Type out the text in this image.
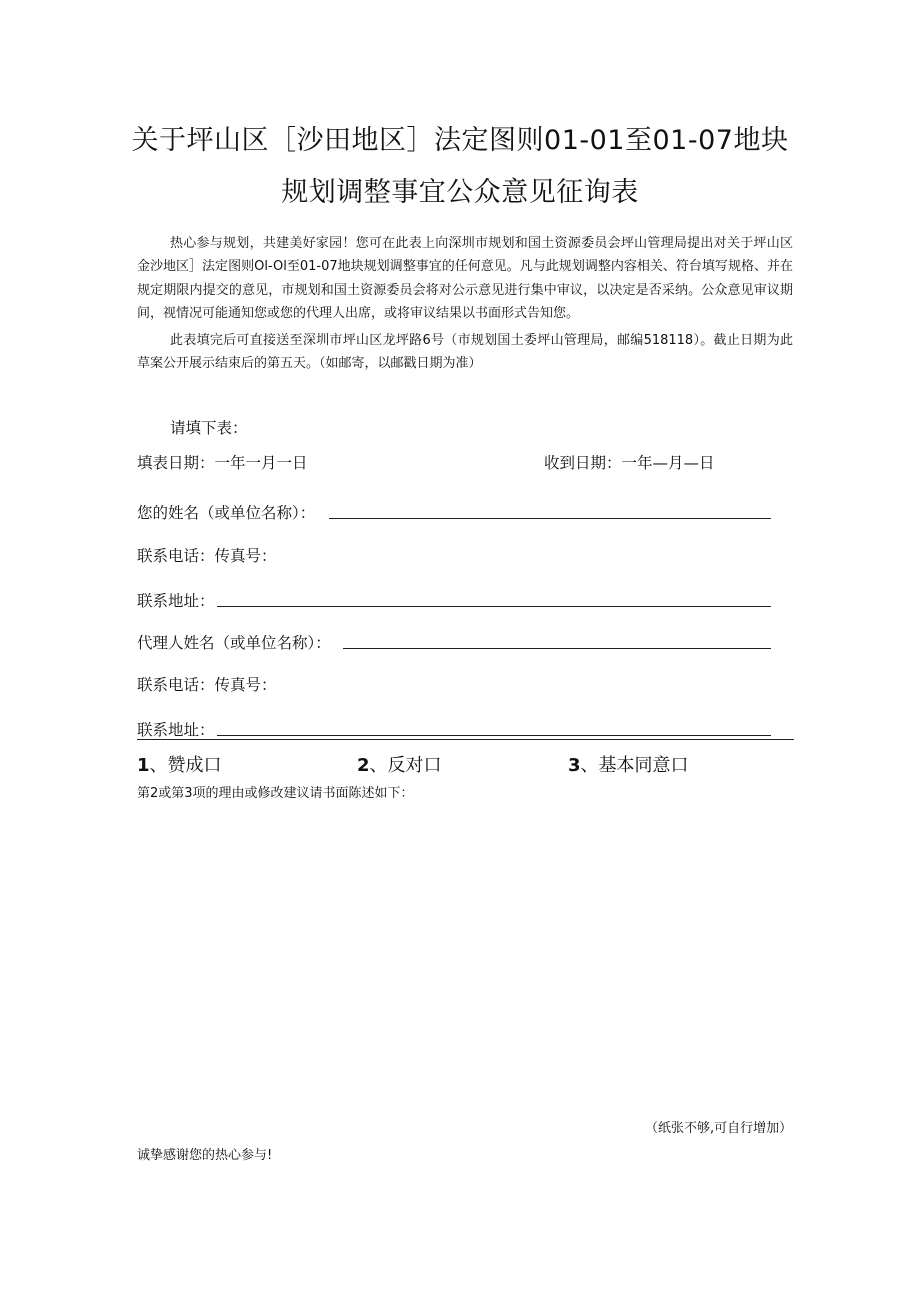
关于坪山区［沙田地区］法定图则01-01至01-07地块
规划调整事宜公众意见征询表
热心参与规划，共建美好家园！您可在此表上向深圳市规划和国土资源委员会坪山管理局提出对关于坪山区金沙地区］法定图则Ol-Ol至01-07地块规划调整事宜的任何意见。凡与此规划调整内容相关、符台填写规格、并在规定期限内提交的意见，市规划和国土资源委员会将对公示意见进行集中审议，以决定是否采纳。公众意见审议期间，视情况可能通知您或您的代理人出席，或将审议结果以书面形式告知您。
此表填完后可直接送至深圳市坪山区龙坪路6号（市规划国土委坪山管理局，邮编518118）。截止日期为此草案公开展示结束后的第五天。（如邮寄，以邮戳日期为准）
请填下表：
填表日期：一年一月一日	收到日期：一年—月—日
您的姓名（或单位名称）：
联系电话：传真号：
联系地址：
代理人姓名（或单位名称）：
联系电话：传真号：
联系地址：
1、赞成口	2、反对口	3、基本同意口
第2或第3项的理由或修改建议请书面陈述如下：
（纸张不够,可自行增加）
诚挚感谢您的热心参与!
